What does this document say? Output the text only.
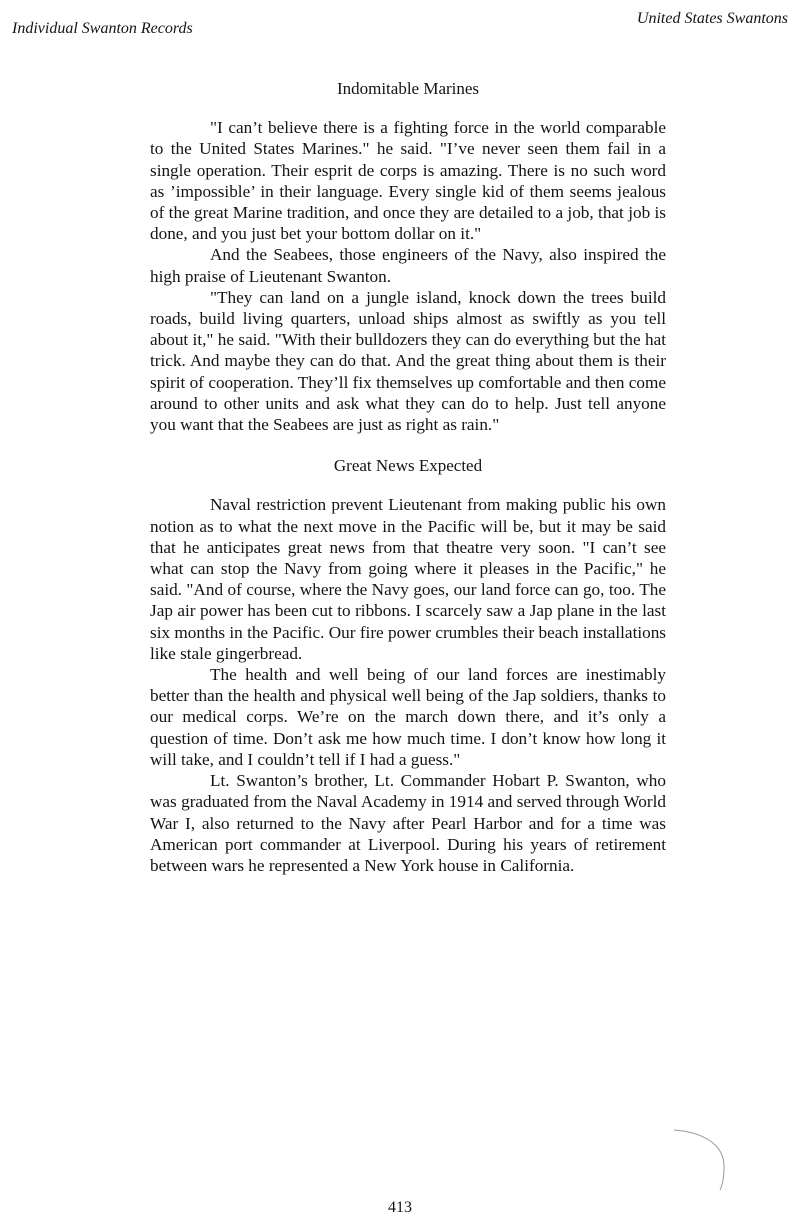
Individual Swanton Records
United States Swantons
Indomitable Marines

"I can’t believe there is a fighting force in the world comparable to the United States Marines." he said. "I’ve never seen them fail in a single operation. Their esprit de corps is amazing. There is no such word as ’impossible’ in their language. Every single kid of them seems jealous of the great Marine tradition, and once they are detailed to a job, that job is done, and you just bet your bottom dollar on it."

And the Seabees, those engineers of the Navy, also inspired the high praise of Lieutenant Swanton.

"They can land on a jungle island, knock down the trees build roads, build living quarters, unload ships almost as swiftly as you tell about it," he said. "With their bulldozers they can do everything but the hat trick. And maybe they can do that. And the great thing about them is their spirit of cooperation. They’ll fix themselves up comfortable and then come around to other units and ask what they can do to help. Just tell anyone you want that the Seabees are just as right as rain."

Great News Expected

Naval restriction prevent Lieutenant from making public his own notion as to what the next move in the Pacific will be, but it may be said that he anticipates great news from that theatre very soon. "I can’t see what can stop the Navy from going where it pleases in the Pacific," he said. "And of course, where the Navy goes, our land force can go, too. The Jap air power has been cut to ribbons. I scarcely saw a Jap plane in the last six months in the Pacific. Our fire power crumbles their beach installations like stale gingerbread.

The health and well being of our land forces are inestimably better than the health and physical well being of the Jap soldiers, thanks to our medical corps. We’re on the march down there, and it’s only a question of time. Don’t ask me how much time. I don’t know how long it will take, and I couldn’t tell if I had a guess."

Lt. Swanton’s brother, Lt. Commander Hobart P. Swanton, who was graduated from the Naval Academy in 1914 and served through World War I, also returned to the Navy after Pearl Harbor and for a time was American port commander at Liverpool. During his years of retirement between wars he represented a New York house in California.

413
